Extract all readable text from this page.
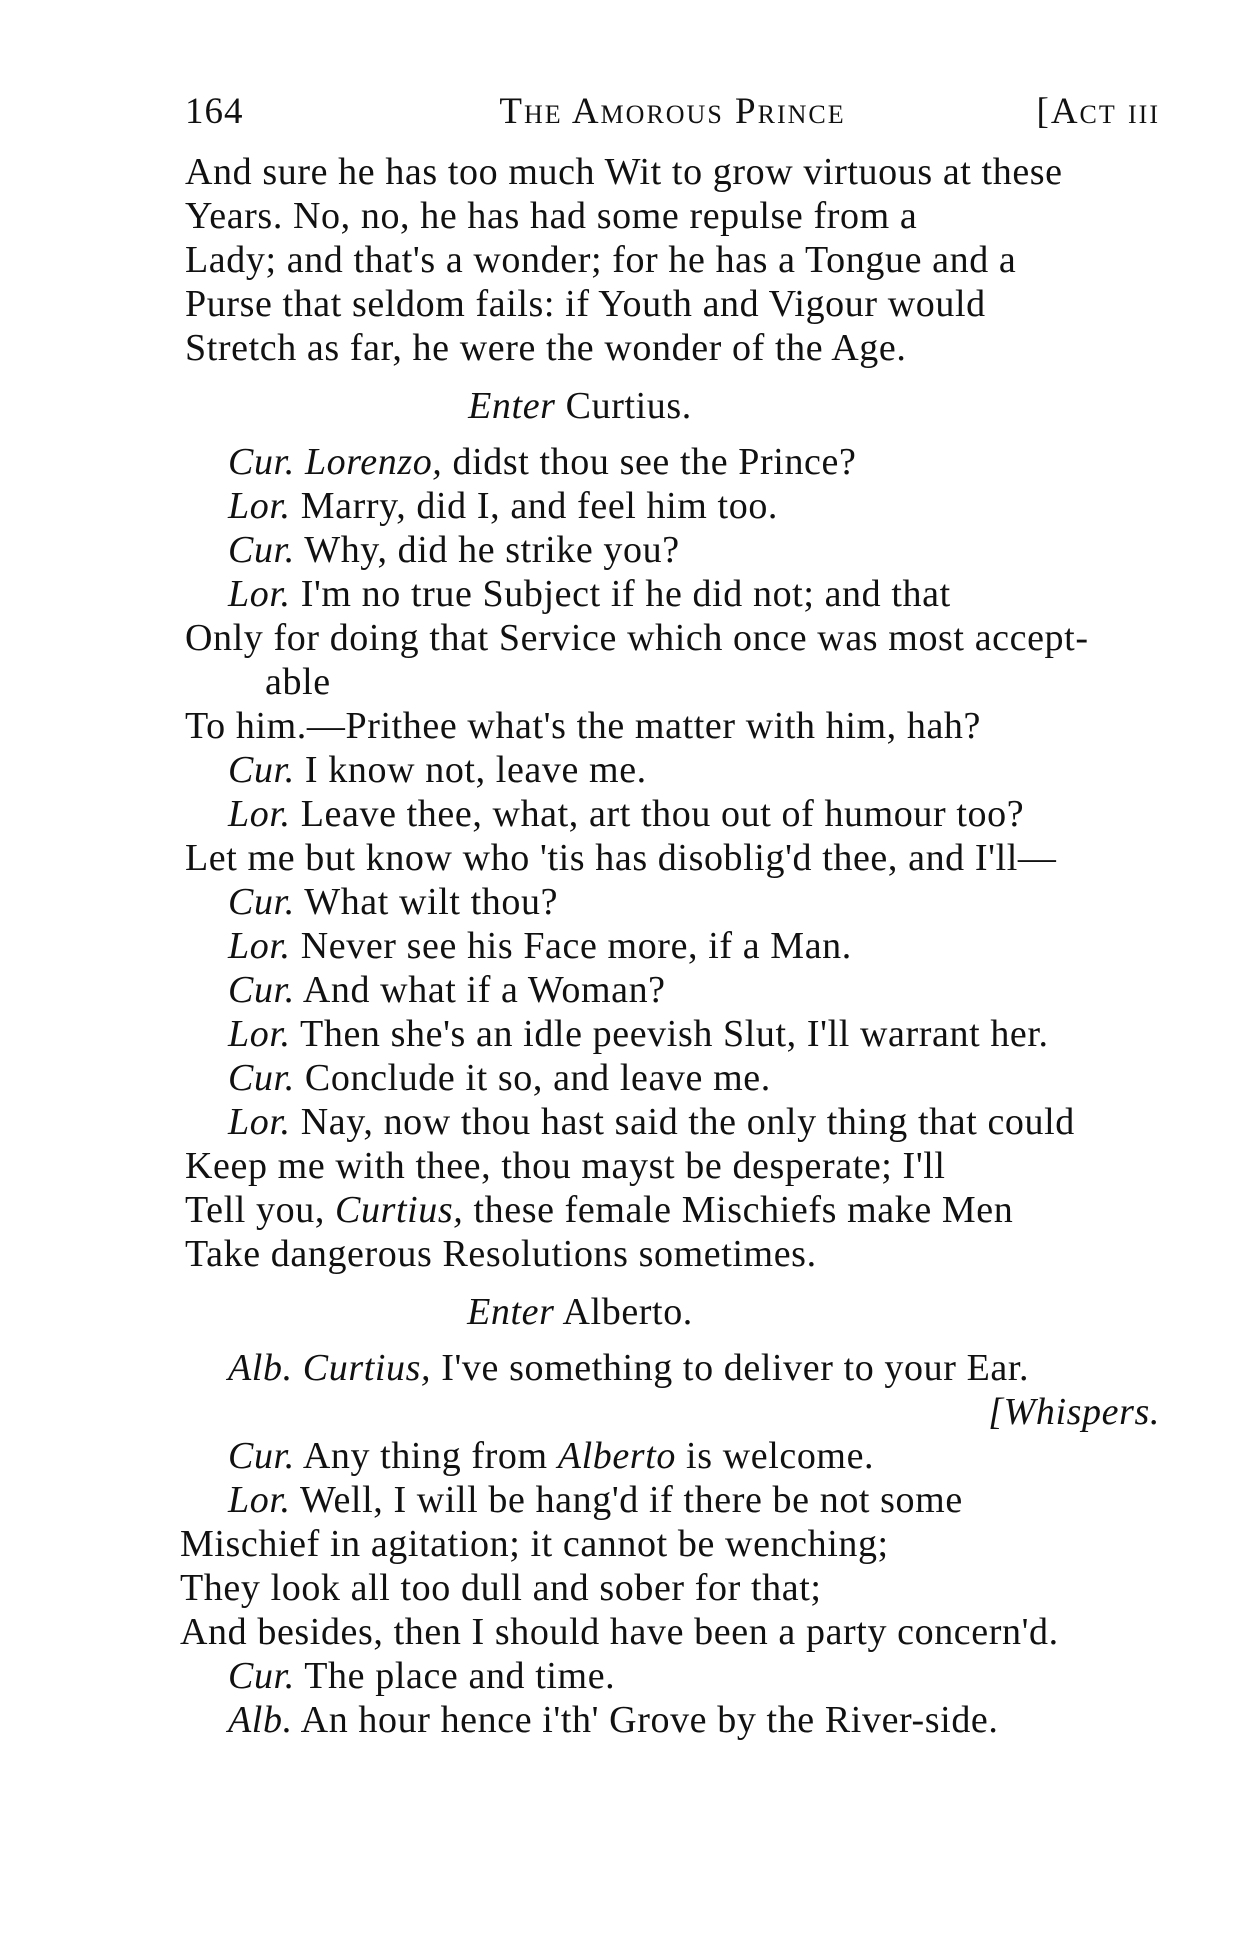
164	The Amorous Prince	[Act iii
And sure he has too much Wit to grow virtuous at these
Years. No, no, he has had some repulse from a
Lady; and that's a wonder; for he has a Tongue and a
Purse that seldom fails: if Youth and Vigour would
Stretch as far, he were the wonder of the Age.
Enter Curtius.
Cur. Lorenzo, didst thou see the Prince?
Lor. Marry, did I, and feel him too.
Cur. Why, did he strike you?
Lor. I'm no true Subject if he did not; and that
Only for doing that Service which once was most accept-
able
To him.—Prithee what's the matter with him, hah?
Cur. I know not, leave me.
Lor. Leave thee, what, art thou out of humour too?
Let me but know who 'tis has disoblig'd thee, and I'll—
Cur. What wilt thou?
Lor. Never see his Face more, if a Man.
Cur. And what if a Woman?
Lor. Then she's an idle peevish Slut, I'll warrant her.
Cur. Conclude it so, and leave me.
Lor. Nay, now thou hast said the only thing that could
Keep me with thee, thou mayst be desperate; I'll
Tell you, Curtius, these female Mischiefs make Men
Take dangerous Resolutions sometimes.
Enter Alberto.
Alb. Curtius, I've something to deliver to your Ear.
[Whispers.
Cur. Any thing from Alberto is welcome.
Lor. Well, I will be hang'd if there be not some
Mischief in agitation; it cannot be wenching;
They look all too dull and sober for that;
And besides, then I should have been a party concern'd.
Cur. The place and time.
Alb. An hour hence i'th' Grove by the River-side.
